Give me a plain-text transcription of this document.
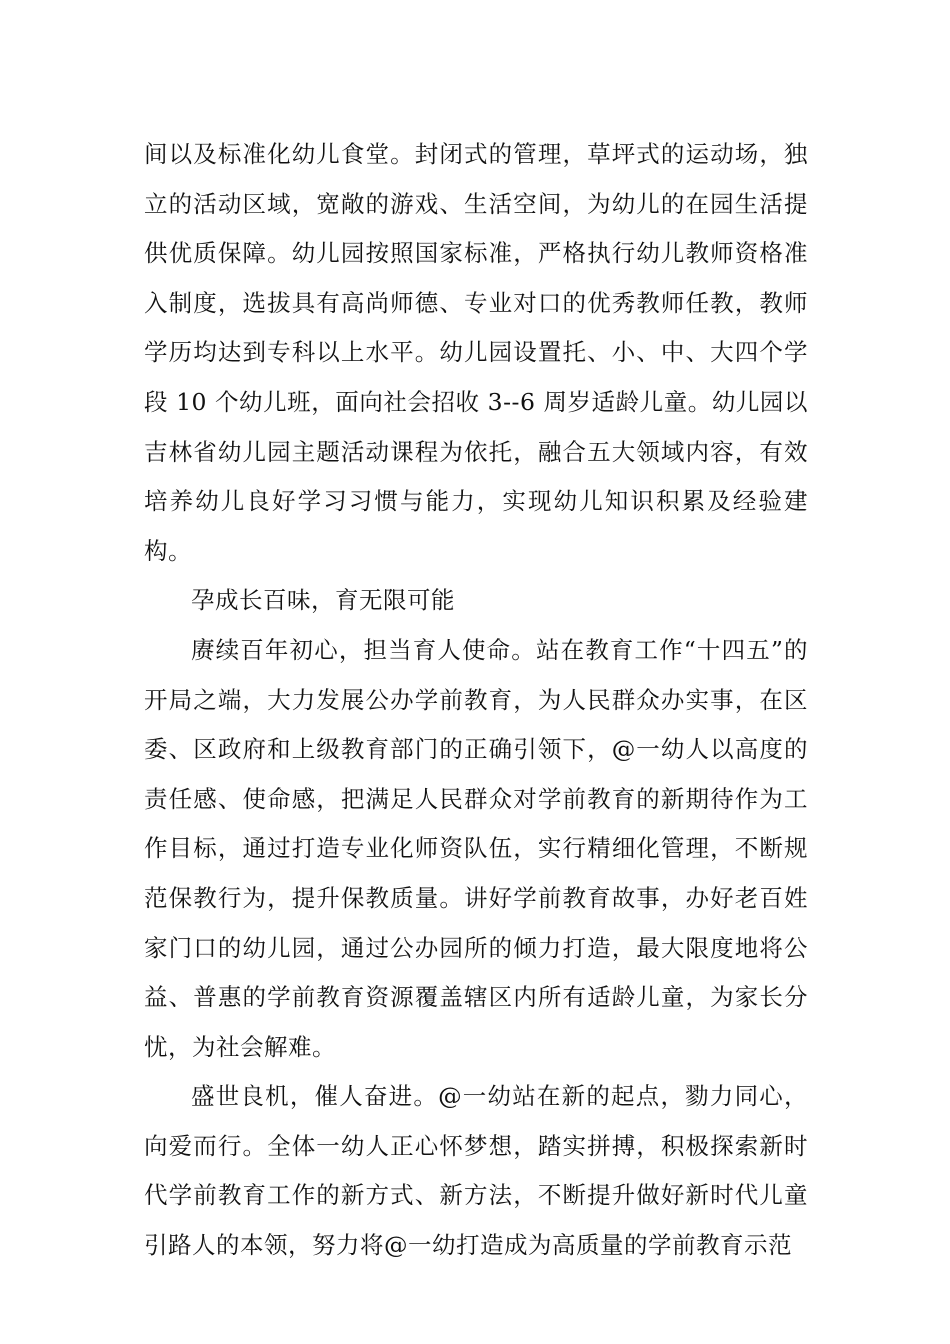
间以及标准化幼儿食堂。封闭式的管理，草坪式的运动场，独立的活动区域，宽敞的游戏、生活空间，为幼儿的在园生活提供优质保障。幼儿园按照国家标准，严格执行幼儿教师资格准入制度，选拔具有高尚师德、专业对口的优秀教师任教，教师学历均达到专科以上水平。幼儿园设置托、小、中、大四个学段 10 个幼儿班，面向社会招收 3--6 周岁适龄儿童。幼儿园以吉林省幼儿园主题活动课程为依托，融合五大领域内容，有效培养幼儿良好学习习惯与能力，实现幼儿知识积累及经验建构。

孕成长百味，育无限可能

赓续百年初心，担当育人使命。站在教育工作“十四五”的开局之端，大力发展公办学前教育，为人民群众办实事，在区委、区政府和上级教育部门的正确引领下，@一幼人以高度的责任感、使命感，把满足人民群众对学前教育的新期待作为工作目标，通过打造专业化师资队伍，实行精细化管理，不断规范保教行为，提升保教质量。讲好学前教育故事，办好老百姓家门口的幼儿园，通过公办园所的倾力打造，最大限度地将公益、普惠的学前教育资源覆盖辖区内所有适龄儿童，为家长分忧，为社会解难。

盛世良机，催人奋进。@一幼站在新的起点，勠力同心，向爱而行。全体一幼人正心怀梦想，踏实拼搏，积极探索新时代学前教育工作的新方式、新方法，不断提升做好新时代儿童引路人的本领，努力将@一幼打造成为高质量的学前教育示范
